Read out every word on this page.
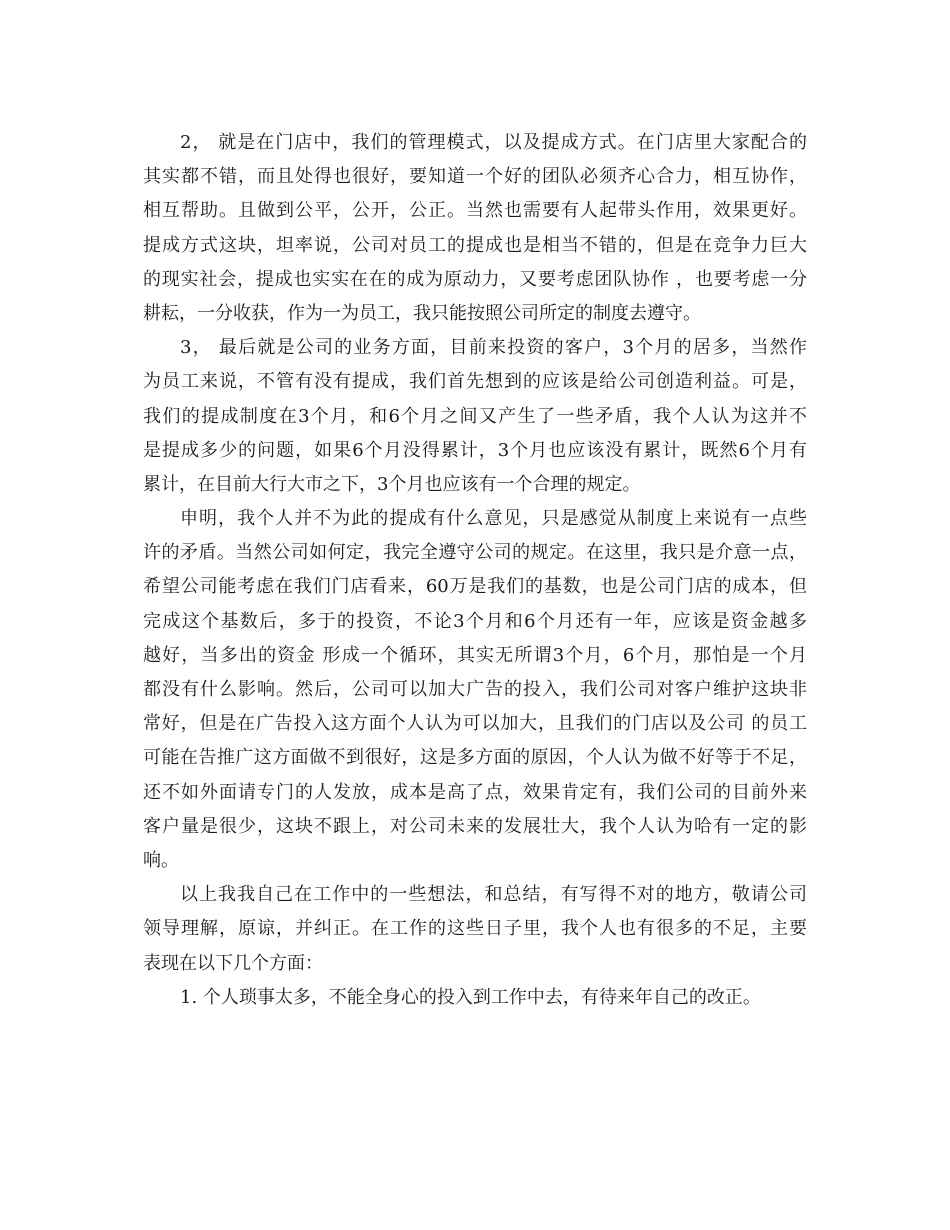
2， 就是在门店中，我们的管理模式，以及提成方式。在门店里大家配合的
其实都不错，而且处得也很好，要知道一个好的团队必须齐心合力，相互协作，
相互帮助。且做到公平，公开，公正。当然也需要有人起带头作用，效果更好。
提成方式这块，坦率说，公司对员工的提成也是相当不错的，但是在竞争力巨大
的现实社会，提成也实实在在的成为原动力，又要考虑团队协作 ，也要考虑一分
耕耘，一分收获，作为一为员工，我只能按照公司所定的制度去遵守。
3， 最后就是公司的业务方面，目前来投资的客户，3个月的居多，当然作
为员工来说，不管有没有提成，我们首先想到的应该是给公司创造利益。可是，
我们的提成制度在3个月，和6个月之间又产生了一些矛盾，我个人认为这并不
是提成多少的问题，如果6个月没得累计，3个月也应该没有累计，既然6个月有
累计，在目前大行大市之下，3个月也应该有一个合理的规定。
申明，我个人并不为此的提成有什么意见，只是感觉从制度上来说有一点些
许的矛盾。当然公司如何定，我完全遵守公司的规定。在这里，我只是介意一点，
希望公司能考虑在我们门店看来，60万是我们的基数，也是公司门店的成本，但
完成这个基数后，多于的投资，不论3个月和6个月还有一年，应该是资金越多
越好，当多出的资金 形成一个循环，其实无所谓3个月，6个月，那怕是一个月
都没有什么影响。然后，公司可以加大广告的投入，我们公司对客户维护这块非
常好，但是在广告投入这方面个人认为可以加大，且我们的门店以及公司 的员工
可能在告推广这方面做不到很好，这是多方面的原因，个人认为做不好等于不足，
还不如外面请专门的人发放，成本是高了点，效果肯定有，我们公司的目前外来
客户量是很少，这块不跟上，对公司未来的发展壮大，我个人认为哈有一定的影
响。
以上我我自己在工作中的一些想法，和总结，有写得不对的地方，敬请公司
领导理解，原谅，并纠正。在工作的这些日子里，我个人也有很多的不足，主要
表现在以下几个方面：
1. 个人琐事太多，不能全身心的投入到工作中去，有待来年自己的改正。
